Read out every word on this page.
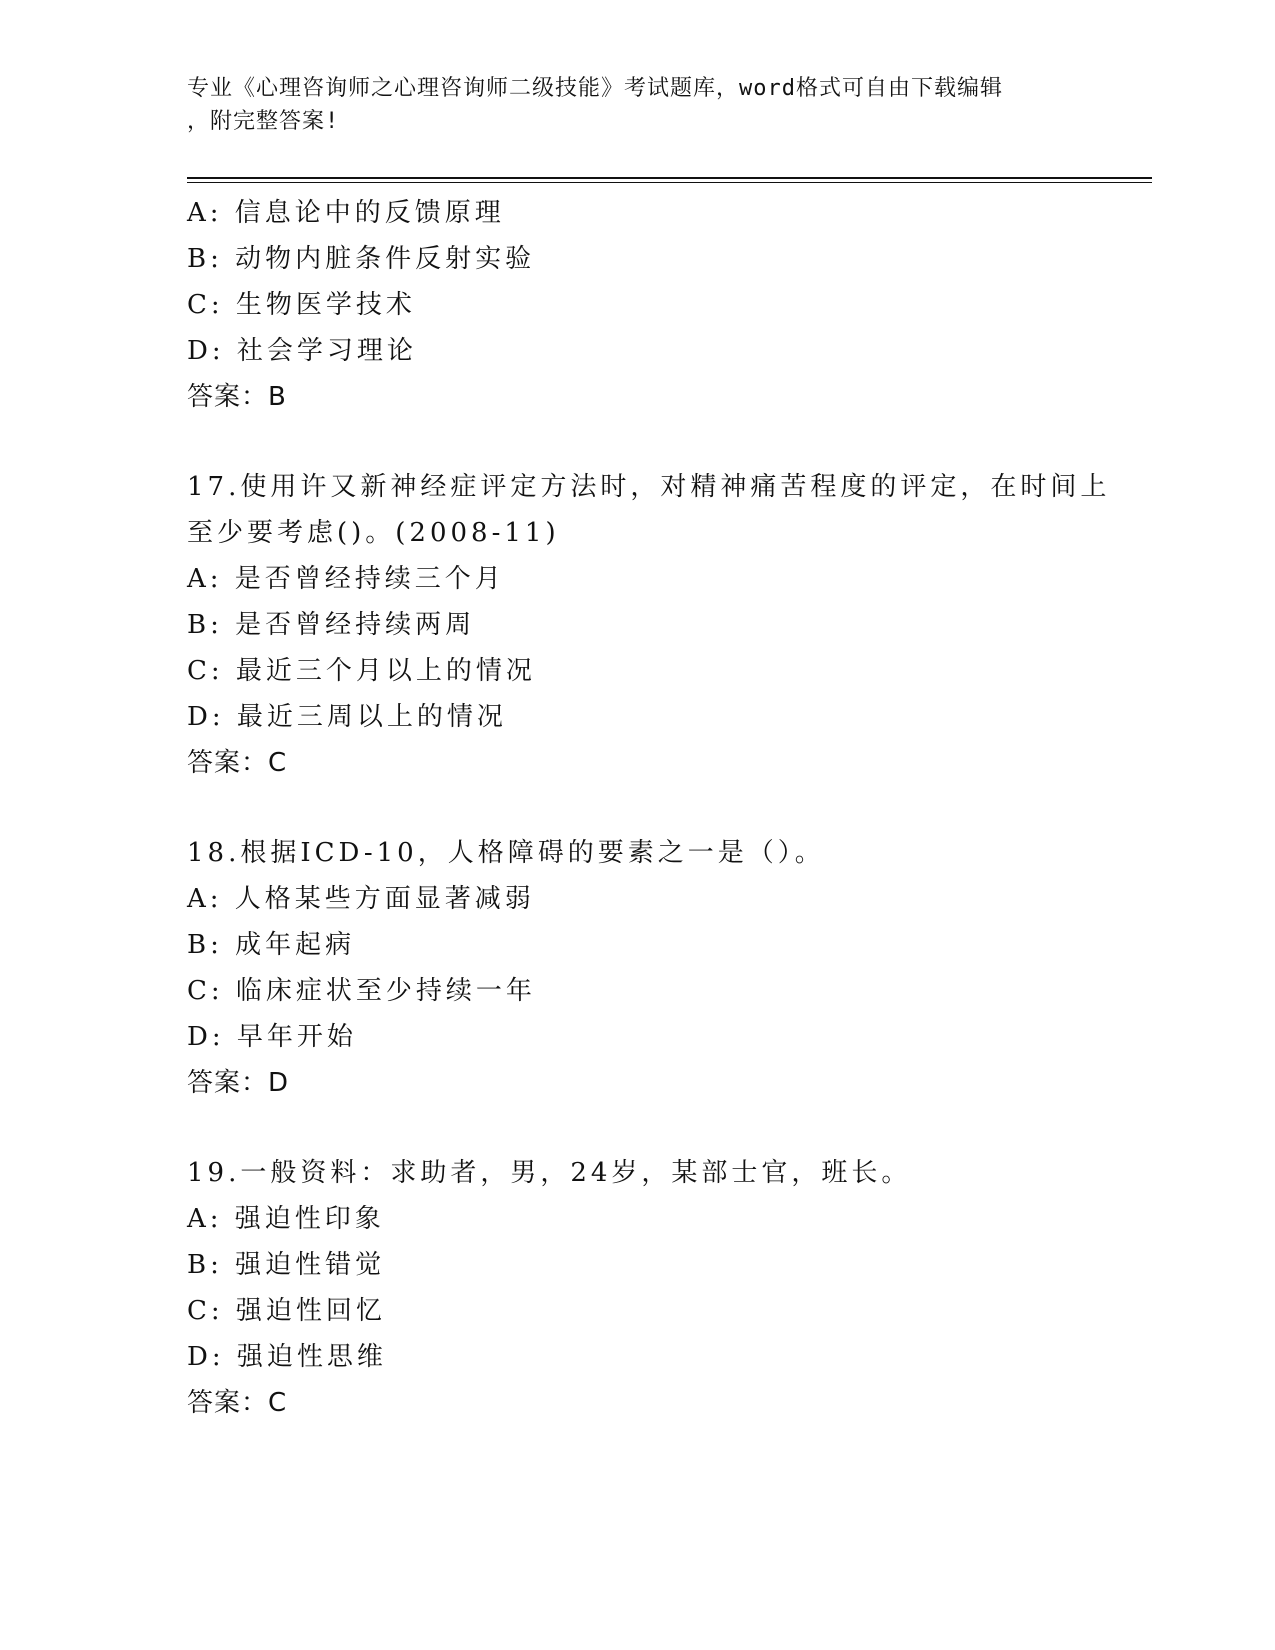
专业《心理咨询师之心理咨询师二级技能》考试题库，word格式可自由下载编辑
，附完整答案!
A: 信息论中的反馈原理
B: 动物内脏条件反射实验
C: 生物医学技术
D: 社会学习理论
答案：B
17.使用许又新神经症评定方法时，对精神痛苦程度的评定，在时间上
至少要考虑()。(2008-11)
A: 是否曾经持续三个月
B: 是否曾经持续两周
C: 最近三个月以上的情况
D: 最近三周以上的情况
答案：C
18.根据ICD-10，人格障碍的要素之一是（）。
A: 人格某些方面显著减弱
B: 成年起病
C: 临床症状至少持续一年
D: 早年开始
答案：D
19.一般资料：求助者，男，24岁，某部士官，班长。
A: 强迫性印象
B: 强迫性错觉
C: 强迫性回忆
D: 强迫性思维
答案：C
